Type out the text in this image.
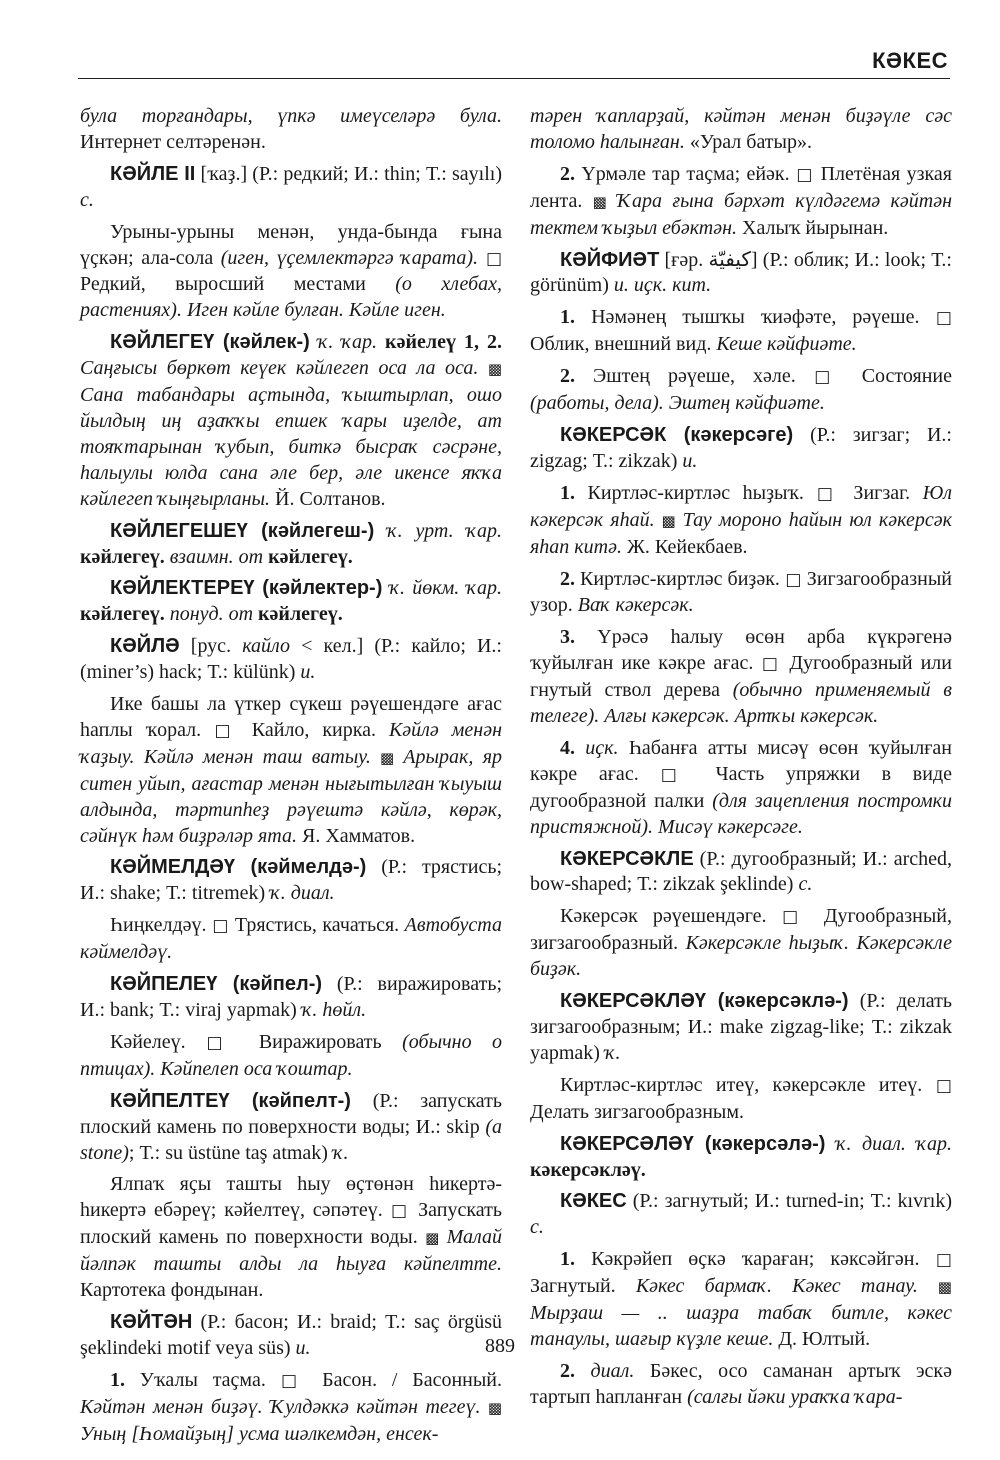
КӘКЕС

була торғандары, үпкә имеүселәрә була. Интернет селтәренән.

КӘЙЛЕ II [ҡаҙ.] (Р.: редкий; И.: thin; Т.: sayılı) с.

Урыны-урыны менән, унда-бында ғына үҫкән; ала-сола (иген, үҫемлектәргә ҡарата). □ Редкий, выросший местами (о хлебах, растениях). Иген кәйле булған. Кәйле иген.

КӘЙЛЕГЕҮ (кәйлек-) ҡ. ҡар. кәйелеү 1, 2. Саңғысы бөркөт кеүек кәйлегеп оса ла оса. ▩ Сана табандары аҫтында, ҡыштырлап, ошо йылдың иң аҙаҡҡы епшек ҡары иҙелде, ат тояҡтарынан ҡубып, биткә бысраҡ сәсрәне, һалыулы юлда сана әле бер, әле икенсе яҡҡа кәйлегеп ҡыңғырланы. Й. Солтанов.

КӘЙЛЕГЕШЕҮ (кәйлегеш-) ҡ. урт. ҡар. кәйлегеү. взаимн. от кәйлегеү.

КӘЙЛЕКТЕРЕҮ (кәйлектер-) ҡ. йөкм. ҡар. кәйлегеү. понуд. от кәйлегеү.

КӘЙЛӘ [рус. кайло < кел.] (Р.: кайло; И.: (miner’s) hack; Т.: külünk) и.

Ике башы ла үткер сүкеш рәүешендәге ағас һаплы ҡорал. □ Кайло, кирка. Кәйлә менән ҡаҙыу. Кәйлә менән таш ватыу. ▩ Арырак, яр ситен уйып, ағастар менән нығытылған ҡыуыш алдында, тәртипһеҙ рәүештә кәйлә, көрәк, сәйнүк һәм биҙрәләр ята. Я. Хамматов.

КӘЙМЕЛДӘҮ (кәймелдә-) (Р.: трястись; И.: shake; Т.: titremek) ҡ. диал.

Һиңкелдәү. □ Трястись, качаться. Автобуста кәймелдәү.

КӘЙПЕЛЕҮ (кәйпел-) (Р.: виражировать; И.: bank; Т.: viraj yapmak) ҡ. һөйл.

Кәйелеү. □ Виражировать (обычно о птицах). Кәйпелеп оса ҡоштар.

КӘЙПЕЛТЕҮ (кәйпелт-) (Р.: запускать плоский камень по поверхности воды; И.: skip (a stone); Т.: su üstüne taş atmak) ҡ.

Ялпаҡ яҫы ташты һыу өҫтөнән һикертә-һикертә ебәреү; кәйелтеү, сәпәтеү. □ Запускать плоский камень по поверхности воды. ▩ Малай йәлпәк ташты алды ла һыуға кәйпелтте. Картотека фондынан.

КӘЙТӘН (Р.: басон; И.: braid; Т.: saç örgüsü şeklindeki motif veya süs) и.

1. Уҡалы таҫма. □ Басон. / Басонный. Кәйтән менән биҙәү. Ҡулдәккә кәйтән тегеү. ▩ Уның [Һомайҙың] усма шәлкемдән, енсек-

тәрен ҡапларҙай, кәйтән менән биҙәүле сәс толомо һалынған. «Урал батыр».

2. Үрмәле тар таҫма; ейәк. □ Плетёная узкая лента. ▩ Ҡара ғына бәрхәт күлдәгемә кәйтән тектем ҡыҙыл ебәктән. Халыҡ йырынан.

КӘЙФИӘТ [ғәр. كيفيّة] (Р.: облик; И.: look; Т.: görünüm) и. иҫк. кит.

1. Нәмәнең тышҡы ҡиәфәте, рәүеше. □ Облик, внешний вид. Кеше кәйфиәте.

2. Эштең рәүеше, хәле. □ Состояние (работы, дела). Эштең кәйфиәте.

КӘКЕРСӘК (кәкерсәге) (Р.: зигзаг; И.: zigzag; Т.: zikzak) и.

1. Киртләс-киртләс һыҙыҡ. □ Зигзаг. Юл кәкерсәк яһай. ▩ Тау мороно һайын юл кәкерсәк яһап китә. Ж. Кейекбаев.

2. Киртләс-киртләс биҙәк. □ Зигзагообразный узор. Ваҡ кәкерсәк.

3. Үрәсә һалыу өсөн арба күкрәгенә ҡуйылған ике кәкре ағас. □ Дугообразный или гнутый ствол дерева (обычно применяемый в телеге). Алғы кәкерсәк. Артҡы кәкерсәк.

4. иҫк. Һабанға атты мисәү өсөн ҡуйылған кәкре ағас. □ Часть упряжки в виде дугообразной палки (для зацепления постромки пристяжной). Мисәү кәкерсәге.

КӘКЕРСӘКЛЕ (Р.: дугообразный; И.: arched, bow-shaped; Т.: zikzak şeklinde) с.

Кәкерсәк рәүешендәге. □ Дугообразный, зигзагообразный. Кәкерсәкле һыҙыҡ. Кәкерсәкле биҙәк.

КӘКЕРСӘКЛӘҮ (кәкерсәклә-) (Р.: делать зигзагообразным; И.: make zigzag-like; Т.: zikzak yapmak) ҡ.

Киртләс-киртләс итеү, кәкерсәкле итеү. □ Делать зигзагообразным.

КӘКЕРСӘЛӘҮ (кәкерсәлә-) ҡ. диал. ҡар. кәкерсәкләү.

КӘКЕС (Р.: загнутый; И.: turned-in; Т.: kıvrık) с.

1. Кәкрәйеп өҫкә ҡараған; кәксәйгән. □ Загнутый. Кәкес бармаҡ. Кәкес танау. ▩ Мырҙаш — .. шаҙра табаҡ битле, кәкес танаулы, шағыр күҙле кеше. Д. Юлтый.

2. диал. Бәкес, осо саманан артыҡ эскә тартып һапланған (салғы йәки ураҡҡа ҡара-

889
